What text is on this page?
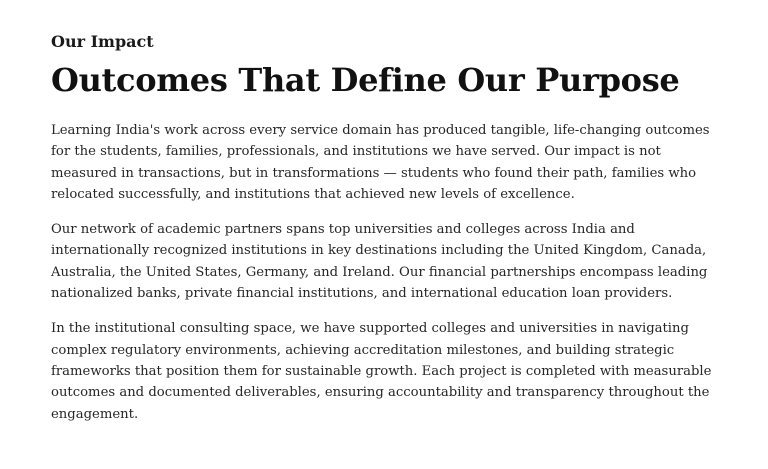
Our Impact
Outcomes That Define Our Purpose

Learning India's work across every service domain has produced tangible, life-changing outcomes for the students, families, professionals, and institutions we have served. Our impact is not measured in transactions, but in transformations — students who found their path, families who relocated successfully, and institutions that achieved new levels of excellence.

Our network of academic partners spans top universities and colleges across India and internationally recognized institutions in key destinations including the United Kingdom, Canada, Australia, the United States, Germany, and Ireland. Our financial partnerships encompass leading nationalized banks, private financial institutions, and international education loan providers.

In the institutional consulting space, we have supported colleges and universities in navigating complex regulatory environments, achieving accreditation milestones, and building strategic frameworks that position them for sustainable growth. Each project is completed with measurable outcomes and documented deliverables, ensuring accountability and transparency throughout the engagement.
